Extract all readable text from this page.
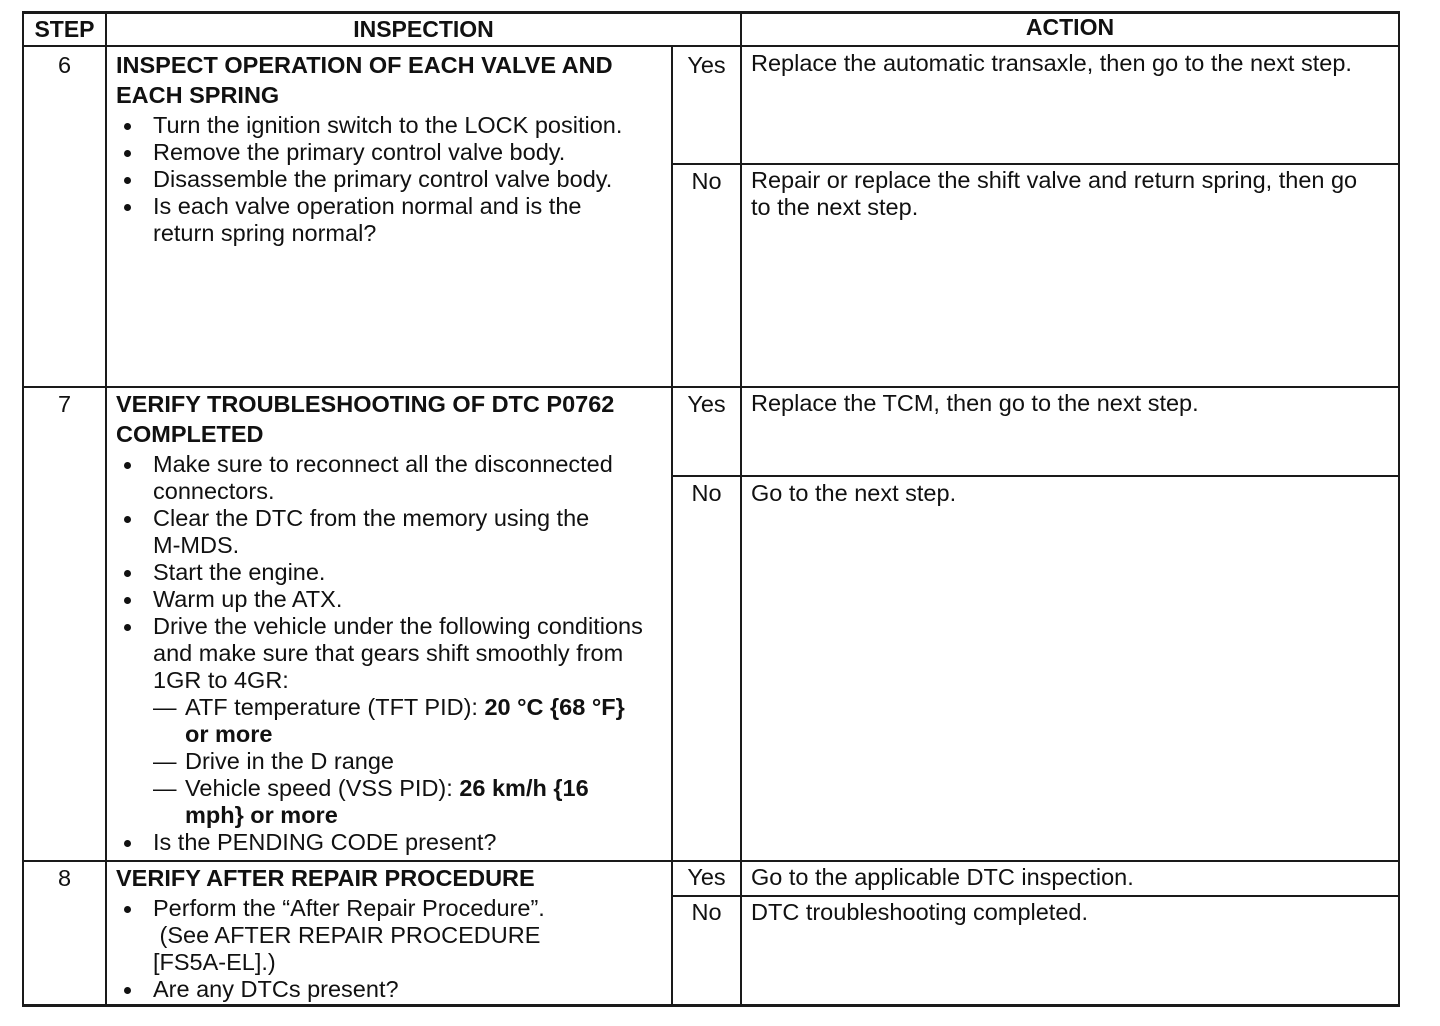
STEP	INSPECTION	ACTION
6	INSPECT OPERATION OF EACH VALVE AND
EACH SPRING
Turn the ignition switch to the LOCK position.
Remove the primary control valve body.
Disassemble the primary control valve body.
Is each valve operation normal and is the
return spring normal?
Yes	Replace the automatic transaxle, then go to the next step.
No	Repair or replace the shift valve and return spring, then go
to the next step.
7	VERIFY TROUBLESHOOTING OF DTC P0762
COMPLETED
Make sure to reconnect all the disconnected
connectors.
Clear the DTC from the memory using the
M-MDS.
Start the engine.
Warm up the ATX.
Drive the vehicle under the following conditions
and make sure that gears shift smoothly from
1GR to 4GR:
— ATF temperature (TFT PID): 20 °C {68 °F}
or more
— Drive in the D range
— Vehicle speed (VSS PID): 26 km/h {16
mph} or more
Is the PENDING CODE present?
Yes	Replace the TCM, then go to the next step.
No	Go to the next step.
8	VERIFY AFTER REPAIR PROCEDURE
Perform the “After Repair Procedure”.
(See AFTER REPAIR PROCEDURE
[FS5A-EL].)
Are any DTCs present?
Yes	Go to the applicable DTC inspection.
No	DTC troubleshooting completed.
